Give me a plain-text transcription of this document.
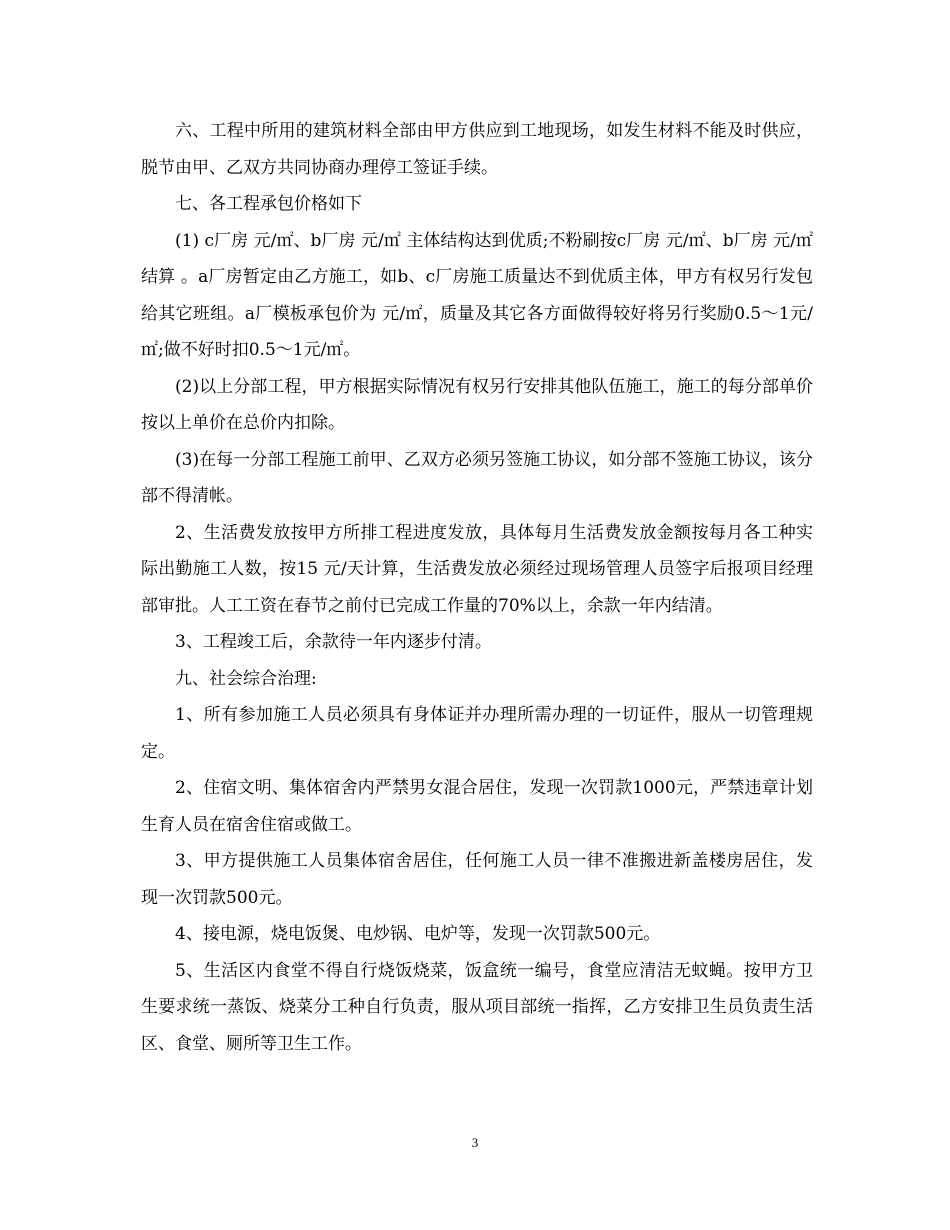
六、工程中所用的建筑材料全部由甲方供应到工地现场，如发生材料不能及时供应，脱节由甲、乙双方共同协商办理停工签证手续。

七、各工程承包价格如下

(1) c厂房 元/㎡、b厂房 元/㎡ 主体结构达到优质;不粉刷按c厂房 元/㎡、b厂房 元/㎡ 结算 。a厂房暂定由乙方施工，如b、c厂房施工质量达不到优质主体，甲方有权另行发包给其它班组。a厂模板承包价为 元/㎡，质量及其它各方面做得较好将另行奖励0.5～1元/㎡;做不好时扣0.5～1元/㎡。

(2)以上分部工程，甲方根据实际情况有权另行安排其他队伍施工，施工的每分部单价按以上单价在总价内扣除。

(3)在每一分部工程施工前甲、乙双方必须另签施工协议，如分部不签施工协议，该分部不得清帐。

2、生活费发放按甲方所排工程进度发放，具体每月生活费发放金额按每月各工种实际出勤施工人数，按15 元/天计算，生活费发放必须经过现场管理人员签字后报项目经理部审批。人工工资在春节之前付已完成工作量的70%以上，余款一年内结清。

3、工程竣工后，余款待一年内逐步付清。

九、社会综合治理:

1、所有参加施工人员必须具有身体证并办理所需办理的一切证件，服从一切管理规定。

2、住宿文明、集体宿舍内严禁男女混合居住，发现一次罚款1000元，严禁违章计划生育人员在宿舍住宿或做工。

3、甲方提供施工人员集体宿舍居住，任何施工人员一律不准搬进新盖楼房居住，发现一次罚款500元。

4、接电源，烧电饭煲、电炒锅、电炉等，发现一次罚款500元。

5、生活区内食堂不得自行烧饭烧菜，饭盒统一编号，食堂应清洁无蚊蝇。按甲方卫生要求统一蒸饭、烧菜分工种自行负责，服从项目部统一指挥，乙方安排卫生员负责生活区、食堂、厕所等卫生工作。

3
